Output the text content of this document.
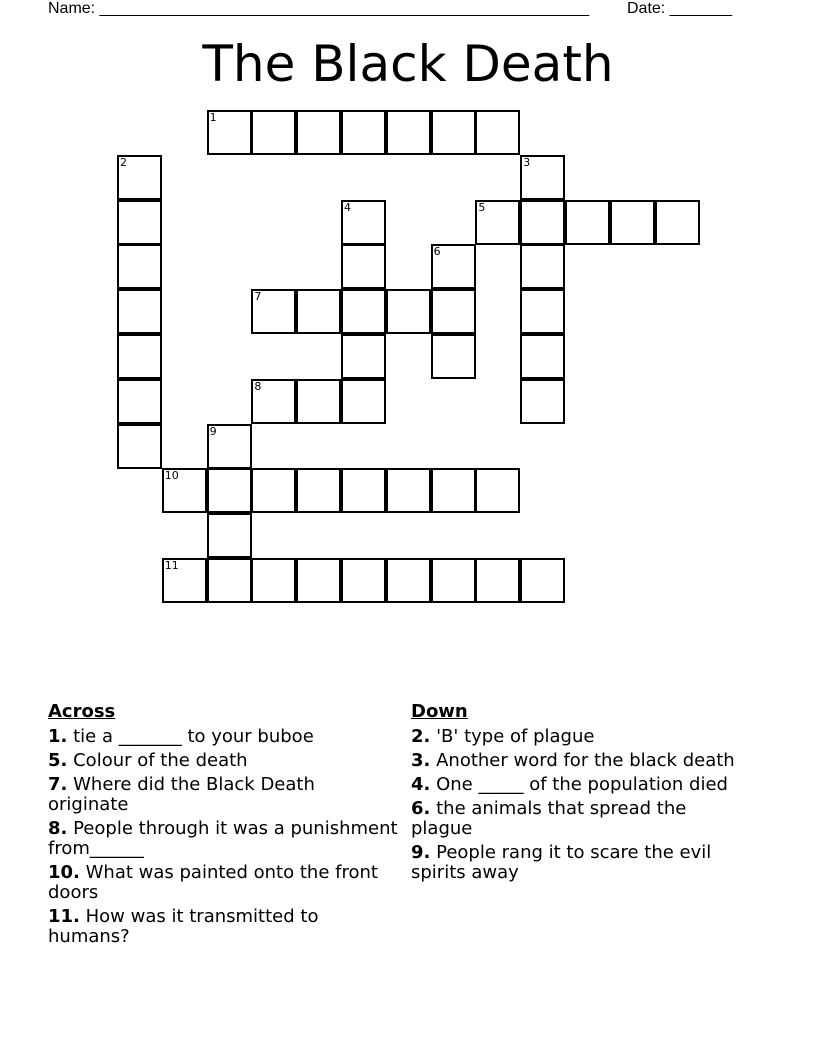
Name: _______________________________________________________ Date: _______
The Black Death
1
2	3
4	5
6
7
8
9
10
11
Across
1. tie a _______ to your buboe
5. Colour of the death
7. Where did the Black Death originate
8. People through it was a punishment from______
10. What was painted onto the front doors
11. How was it transmitted to humans?
Down
2. 'B' type of plague
3. Another word for the black death
4. One _____ of the population died
6. the animals that spread the plague
9. People rang it to scare the evil spirits away
